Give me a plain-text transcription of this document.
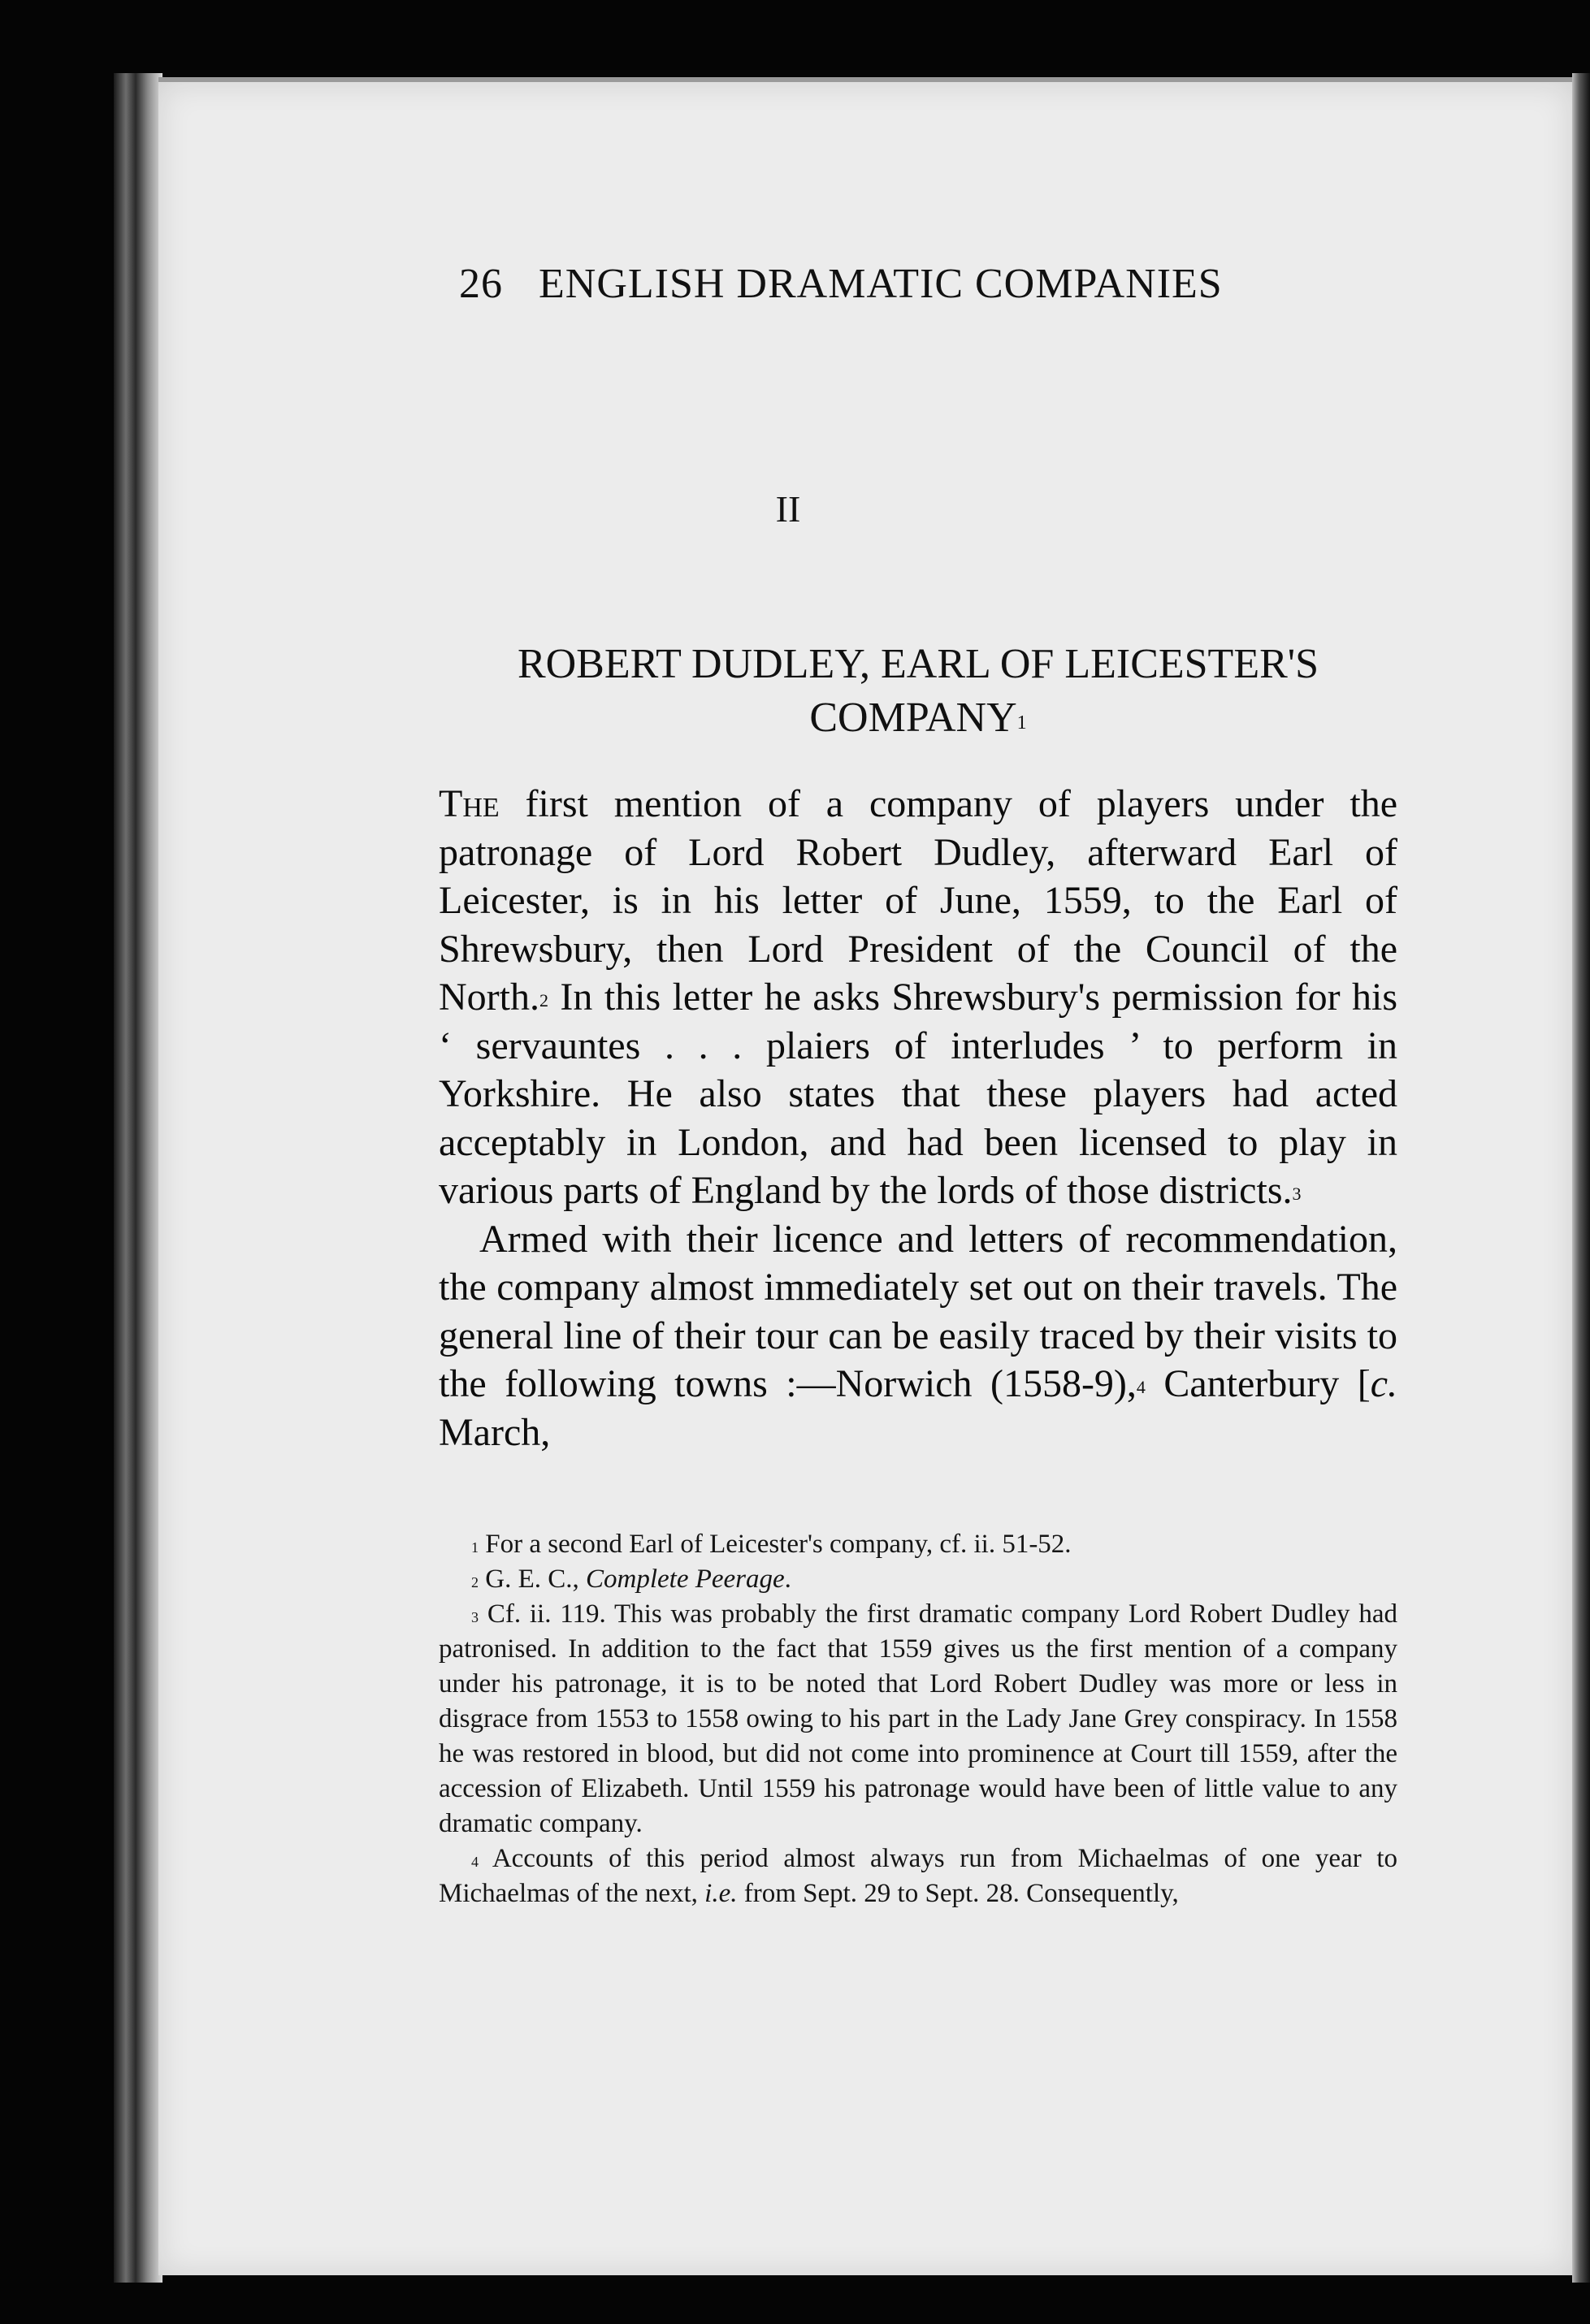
26 ENGLISH DRAMATIC COMPANIES
II
ROBERT DUDLEY, EARL OF LEICESTER'S COMPANY$^1$

The first mention of a company of players under the patronage of Lord Robert Dudley, afterward Earl of Leicester, is in his letter of June, 1559, to the Earl of Shrewsbury, then Lord President of the Council of the North.$^2$ In this letter he asks Shrewsbury's permission for his ‘ servauntes . . . plaiers of interludes ’ to perform in Yorkshire. He also states that these players had acted acceptably in London, and had been licensed to play in various parts of England by the lords of those districts.$^3$

Armed with their licence and letters of recommendation, the company almost immediately set out on their travels. The general line of their tour can be easily traced by their visits to the following towns :—Norwich (1558-9),$^4$ Canterbury [c. March,

$^1$ For a second Earl of Leicester's company, cf. ii. 51-52.

$^2$ G. E. C., Complete Peerage.

$^3$ Cf. ii. 119. This was probably the first dramatic company Lord Robert Dudley had patronised. In addition to the fact that 1559 gives us the first mention of a company under his patronage, it is to be noted that Lord Robert Dudley was more or less in disgrace from 1553 to 1558 owing to his part in the Lady Jane Grey conspiracy. In 1558 he was restored in blood, but did not come into prominence at Court till 1559, after the accession of Elizabeth. Until 1559 his patronage would have been of little value to any dramatic company.

$^4$ Accounts of this period almost always run from Michaelmas of one year to Michaelmas of the next, i.e. from Sept. 29 to Sept. 28. Consequently,
